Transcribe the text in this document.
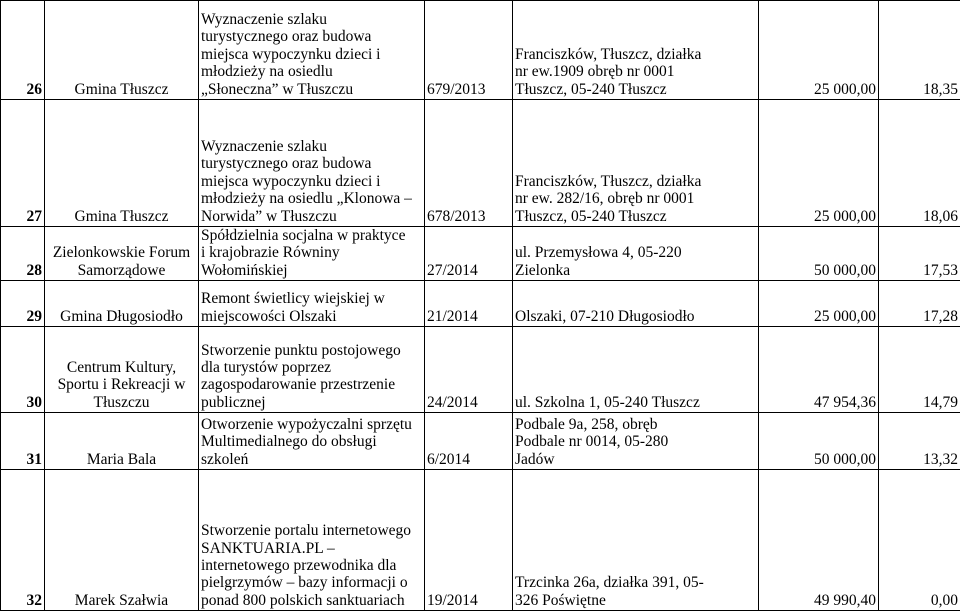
26	Gmina Tłuszcz	Wyznaczenie szlaku
turystycznego oraz budowa
miejsca wypoczynku dzieci i
młodzieży na osiedlu
„Słoneczna” w Tłuszczu	679/2013	Franciszków, Tłuszcz, działka
nr ew.1909 obręb nr 0001
Tłuszcz, 05-240 Tłuszcz	25 000,00	18,35
27	Gmina Tłuszcz	Wyznaczenie szlaku
turystycznego oraz budowa
miejsca wypoczynku dzieci i
młodzieży na osiedlu „Klonowa –
Norwida” w Tłuszczu	678/2013	Franciszków, Tłuszcz, działka
nr ew. 282/16, obręb nr 0001
Tłuszcz, 05-240 Tłuszcz	25 000,00	18,06
28	Zielonkowskie Forum
Samorządowe	Spółdzielnia socjalna w praktyce
i krajobrazie Równiny
Wołomińskiej	27/2014	ul. Przemysłowa 4, 05-220
Zielonka	50 000,00	17,53
29	Gmina Długosiodło	Remont świetlicy wiejskiej w
miejscowości Olszaki	21/2014	Olszaki, 07-210 Długosiodło	25 000,00	17,28
30	Centrum Kultury,
Sportu i Rekreacji w
Tłuszczu	Stworzenie punktu postojowego
dla turystów poprzez
zagospodarowanie przestrzenie
publicznej	24/2014	ul. Szkolna 1, 05-240 Tłuszcz	47 954,36	14,79
31	Maria Bala	Otworzenie wypożyczalni sprzętu
Multimedialnego do obsługi
szkoleń	6/2014	Podbale 9a, 258, obręb
Podbale nr 0014, 05-280
Jadów	50 000,00	13,32
32	Marek Szałwia	Stworzenie portalu internetowego
SANKTUARIA.PL –
internetowego przewodnika dla
pielgrzymów – bazy informacji o
ponad 800 polskich sanktuariach	19/2014	Trzcinka 26a, działka 391, 05-
326 Poświętne	49 990,40	0,00
